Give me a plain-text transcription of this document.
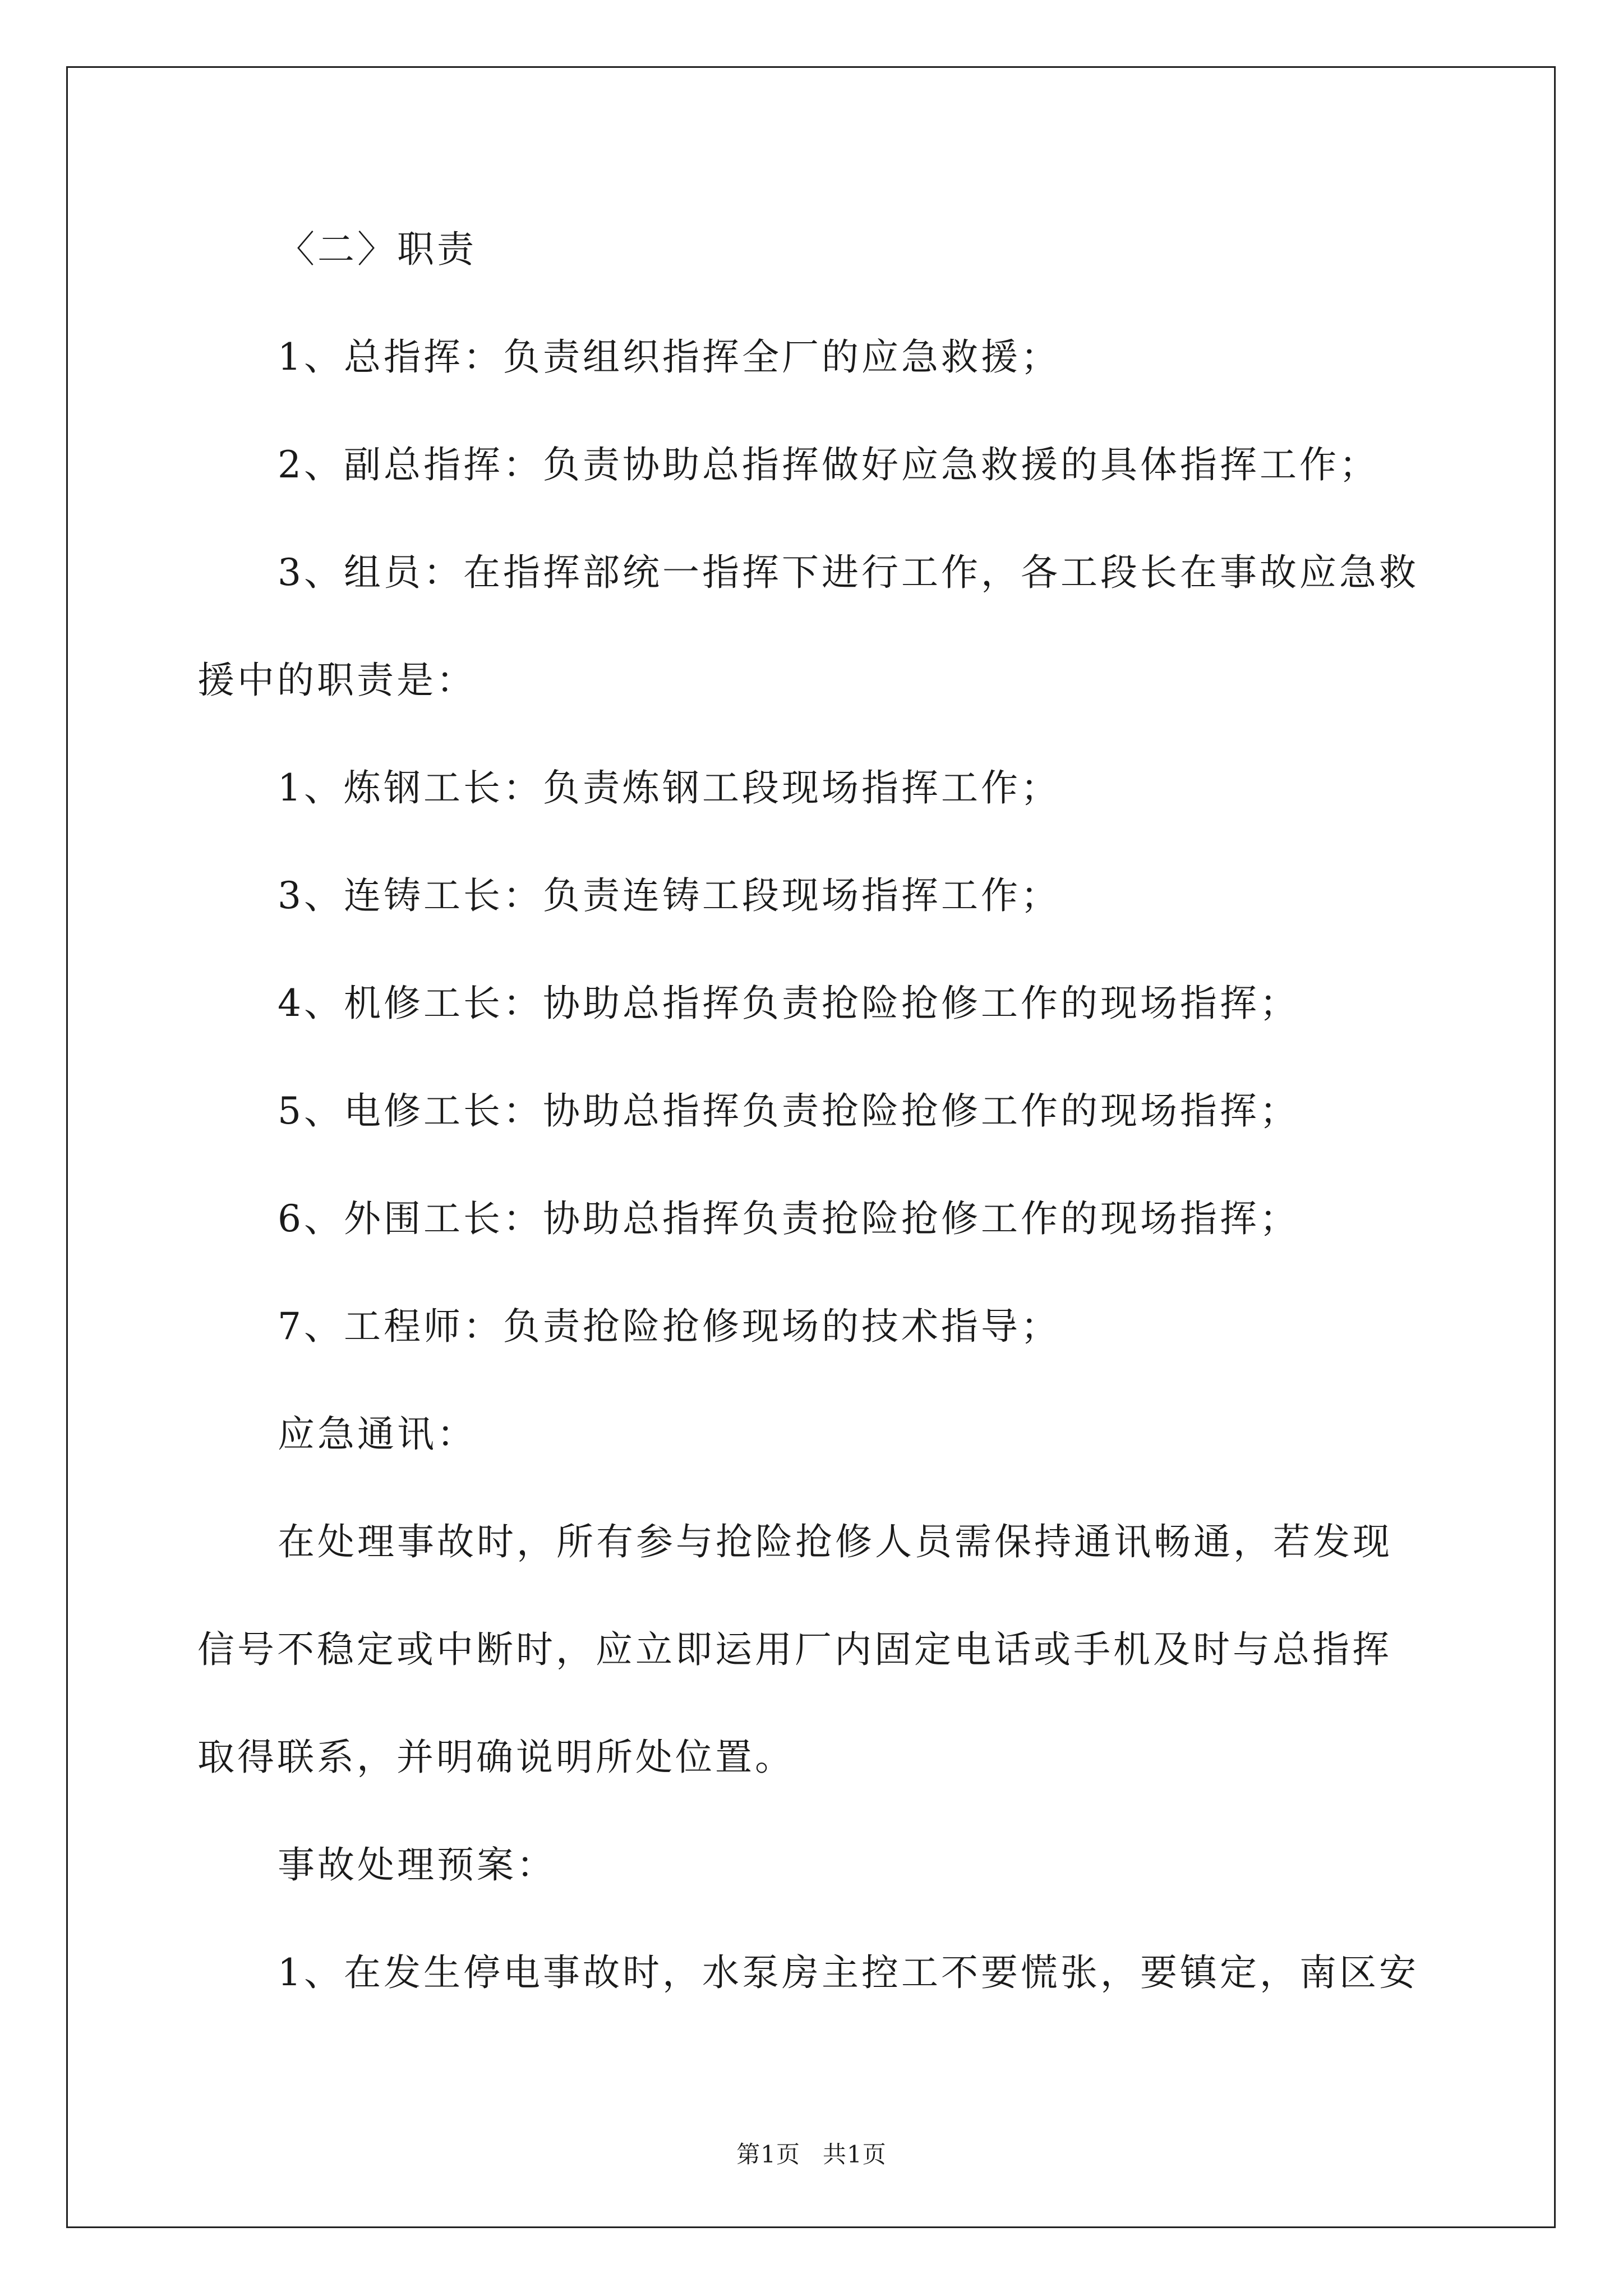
〈二〉职责
1、总指挥：负责组织指挥全厂的应急救援；
2、副总指挥：负责协助总指挥做好应急救援的具体指挥工作；
3、组员：在指挥部统一指挥下进行工作，各工段长在事故应急救
援中的职责是：
1、炼钢工长：负责炼钢工段现场指挥工作；
3、连铸工长：负责连铸工段现场指挥工作；
4、机修工长：协助总指挥负责抢险抢修工作的现场指挥；
5、电修工长：协助总指挥负责抢险抢修工作的现场指挥；
6、外围工长：协助总指挥负责抢险抢修工作的现场指挥；
7、工程师：负责抢险抢修现场的技术指导；
应急通讯：
在处理事故时，所有参与抢险抢修人员需保持通讯畅通，若发现
信号不稳定或中断时，应立即运用厂内固定电话或手机及时与总指挥
取得联系，并明确说明所处位置。
事故处理预案：
1、在发生停电事故时，水泵房主控工不要慌张，要镇定，南区安
第1页 共1页
